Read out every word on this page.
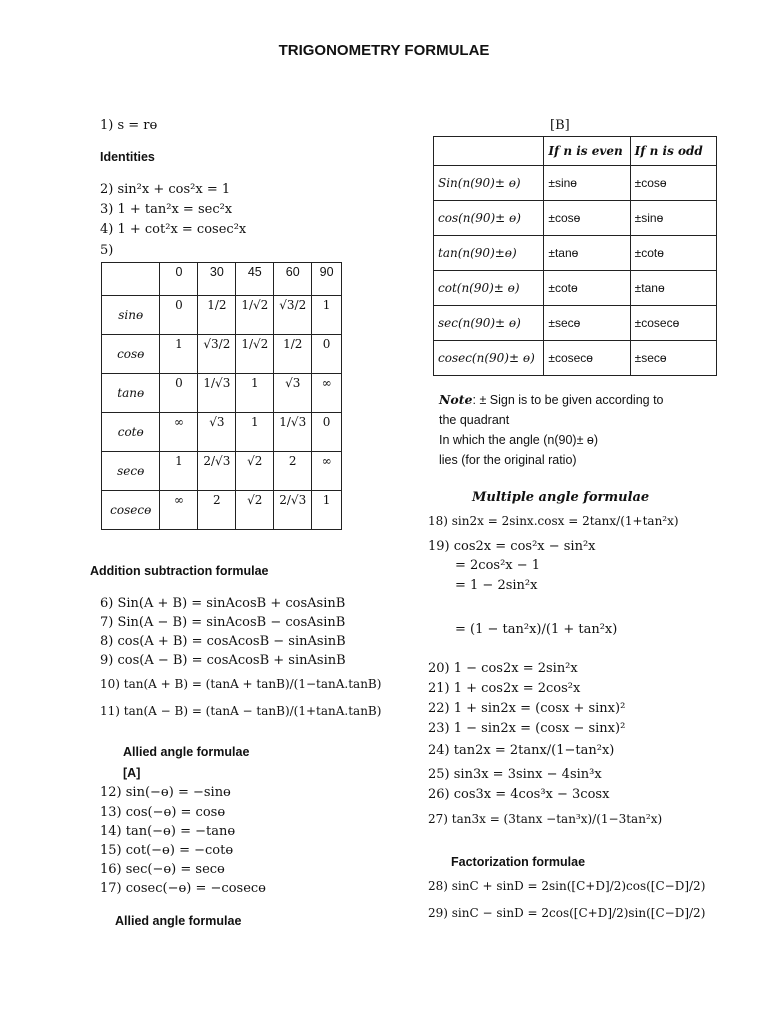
TRIGONOMETRY FORMULAE
1) s = rɵ
Identities
2) sin²x + cos²x = 1
3) 1 + tan²x = sec²x
4) 1 + cot²x = cosec²x
5)
	0	30	45	60	90
sinɵ	0	1/2	1/√2	√3/2	1
cosɵ	1	√3/2	1/√2	1/2	0
tanɵ	0	1/√3	1	√3	∞
cotɵ	∞	√3	1	1/√3	0
secɵ	1	2/√3	√2	2	∞
cosecɵ	∞	2	√2	2/√3	1
Addition subtraction formulae
6) Sin(A + B) = sinAcosB + cosAsinB
7) Sin(A − B) = sinAcosB − cosAsinB
8) cos(A + B) = cosAcosB − sinAsinB
9) cos(A − B) = cosAcosB + sinAsinB
10) tan(A + B) = (tanA + tanB)/(1−tanA.tanB)
11) tan(A − B) = (tanA − tanB)/(1+tanA.tanB)
Allied angle formulae
[A]
12) sin(−ɵ) = −sinɵ
13) cos(−ɵ) = cosɵ
14) tan(−ɵ) = −tanɵ
15) cot(−ɵ) = −cotɵ
16) sec(−ɵ) = secɵ
17) cosec(−ɵ) = −cosecɵ
Allied angle formulae
[B]
	If n is even	If n is odd
Sin(n(90)± ɵ)	±sinɵ	±cosɵ
cos(n(90)± ɵ)	±cosɵ	±sinɵ
tan(n(90)±ɵ)	±tanɵ	±cotɵ
cot(n(90)± ɵ)	±cotɵ	±tanɵ
sec(n(90)± ɵ)	±secɵ	±cosecɵ
cosec(n(90)± ɵ)	±cosecɵ	±secɵ
Note: ± Sign is to be given according to
the quadrant
In which the angle (n(90)± ɵ)
lies (for the original ratio)
Multiple angle formulae
18) sin2x = 2sinx.cosx = 2tanx/(1+tan²x)
19) cos2x = cos²x − sin²x
= 2cos²x − 1
= 1 − 2sin²x
= (1 − tan²x)/(1 + tan²x)
20) 1 − cos2x = 2sin²x
21) 1 + cos2x = 2cos²x
22) 1 + sin2x = (cosx + sinx)²
23) 1 − sin2x = (cosx − sinx)²
24) tan2x = 2tanx/(1−tan²x)
25) sin3x = 3sinx − 4sin³x
26) cos3x = 4cos³x − 3cosx
27) tan3x = (3tanx −tan³x)/(1−3tan²x)
Factorization formulae
28) sinC + sinD = 2sin([C+D]/2)cos([C−D]/2)
29) sinC − sinD = 2cos([C+D]/2)sin([C−D]/2)
